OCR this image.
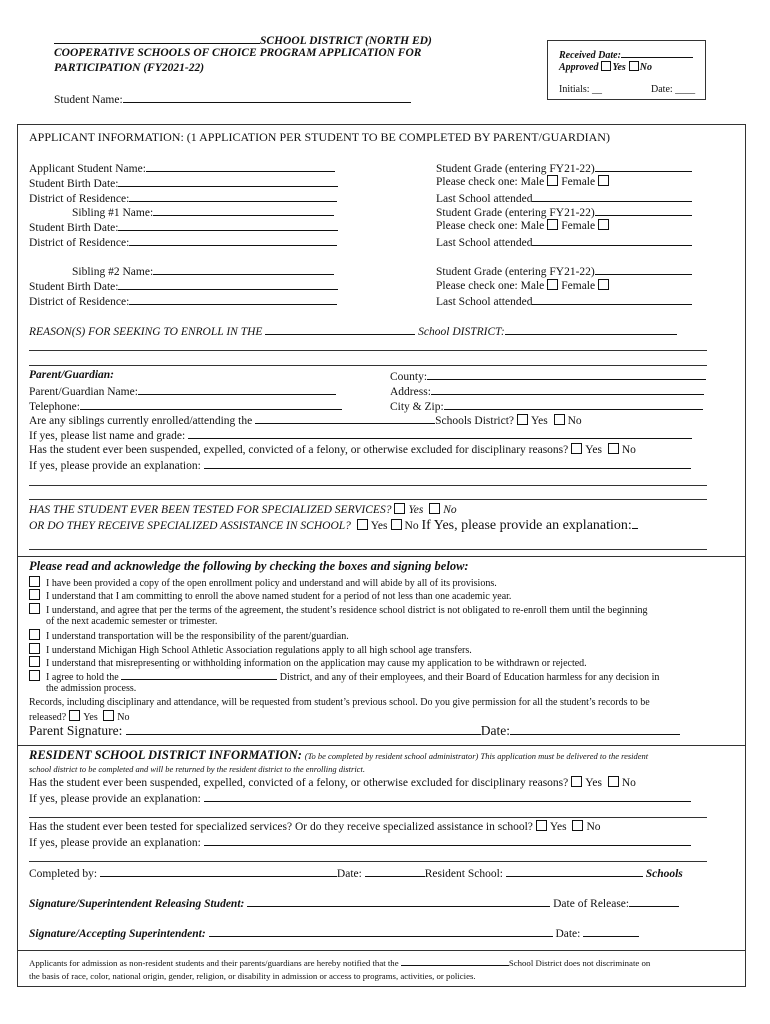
SCHOOL DISTRICT (NORTH ED)
COOPERATIVE SCHOOLS OF CHOICE PROGRAM APPLICATION FOR
PARTICIPATION (FY2021-22)
Student Name:
Received Date:
Approved Yes No
Initials: __	Date: ____
APPLICANT INFORMATION: (1 APPLICATION PER STUDENT TO BE COMPLETED BY PARENT/GUARDIAN)
Applicant Student Name:
Student Birth Date:
District of Residence:
Sibling #1 Name:
Student Birth Date:
District of Residence:
Sibling #2 Name:
Student Birth Date:
District of Residence:
Student Grade (entering FY21-22)
Please check one: Male Female
Last School attended
Student Grade (entering FY21-22)
Please check one: Male Female
Last School attended
Student Grade (entering FY21-22)
Please check one: Male Female
Last School attended
REASON(S) FOR SEEKING TO ENROLL IN THE	School DISTRICT:
Parent/Guardian:
Parent/Guardian Name:
Telephone:
County:
Address:
City & Zip:
Are any siblings currently enrolled/attending the	Schools District? Yes No
If yes, please list name and grade:
Has the student ever been suspended, expelled, convicted of a felony, or otherwise excluded for disciplinary reasons? Yes No
If yes, please provide an explanation:
HAS THE STUDENT EVER BEEN TESTED FOR SPECIALIZED SERVICES? Yes No
OR DO THEY RECEIVE SPECIALIZED ASSISTANCE IN SCHOOL? Yes No If Yes, please provide an explanation:
Please read and acknowledge the following by checking the boxes and signing below:
I have been provided a copy of the open enrollment policy and understand and will abide by all of its provisions.
I understand that I am committing to enroll the above named student for a period of not less than one academic year.
I understand, and agree that per the terms of the agreement, the student’s residence school district is not obligated to re-enroll them until the beginning
of the next academic semester or trimester.
I understand transportation will be the responsibility of the parent/guardian.
I understand Michigan High School Athletic Association regulations apply to all high school age transfers.
I understand that misrepresenting or withholding information on the application may cause my application to be withdrawn or rejected.
I agree to hold the	District, and any of their employees, and their Board of Education harmless for any decision in
the admission process.
Records, including disciplinary and attendance, will be requested from student’s previous school. Do you give permission for all the student’s records to be
released? Yes No
Parent Signature:	Date:
RESIDENT SCHOOL DISTRICT INFORMATION: (To be completed by resident school administrator) This application must be delivered to the resident
school district to be completed and will be returned by the resident district to the enrolling district.
Has the student ever been suspended, expelled, convicted of a felony, or otherwise excluded for disciplinary reasons? Yes No
If yes, please provide an explanation:
Has the student ever been tested for specialized services? Or do they receive specialized assistance in school? Yes No
If yes, please provide an explanation:
Completed by:	Date:	Resident School:	Schools
Signature/Superintendent Releasing Student:	Date of Release:
Signature/Accepting Superintendent:	Date:
Applicants for admission as non-resident students and their parents/guardians are hereby notified that the	School District does not discriminate on
the basis of race, color, national origin, gender, religion, or disability in admission or access to programs, activities, or policies.
